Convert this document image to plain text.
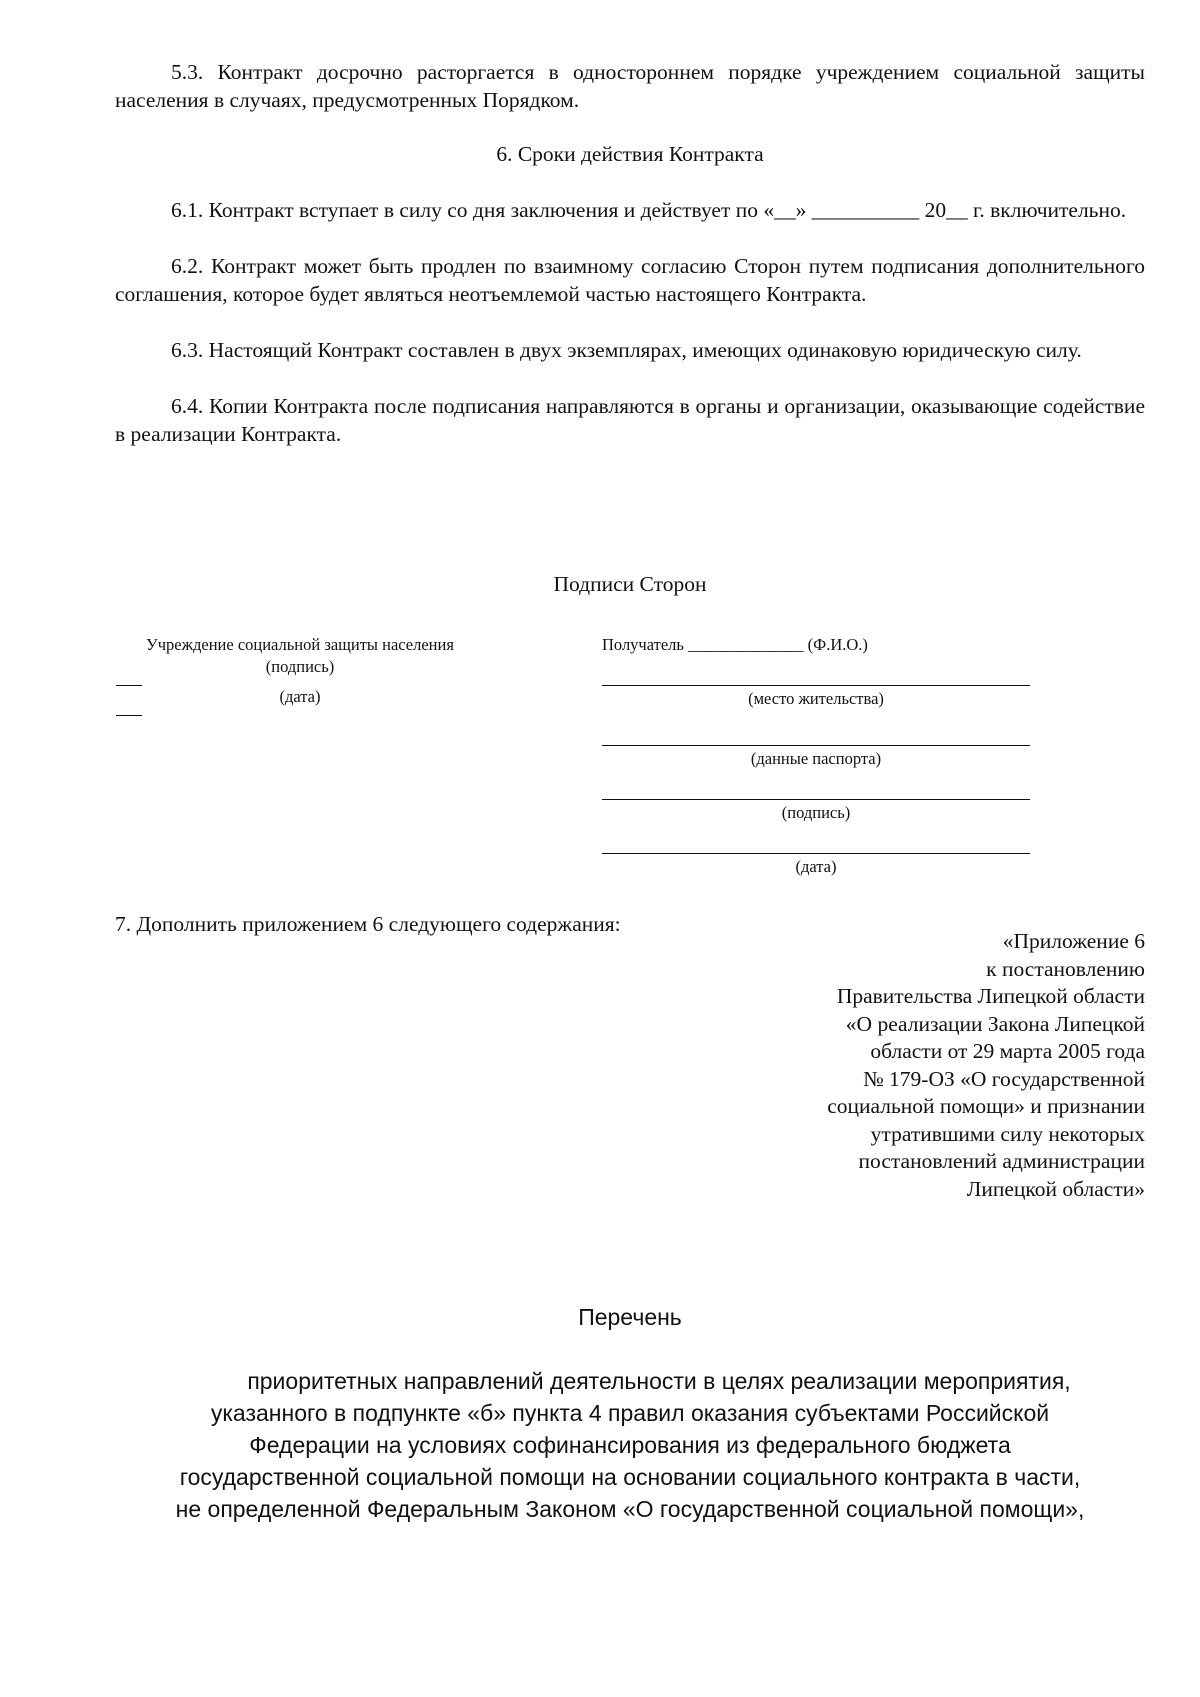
5.3. Контракт досрочно расторгается в одностороннем порядке учреждением социальной защиты населения в случаях, предусмотренных Порядком.
6. Сроки действия Контракта
6.1. Контракт вступает в силу со дня заключения и действует по «__» __________ 20__ г. включительно.
6.2. Контракт может быть продлен по взаимному согласию Сторон путем подписания дополнительного соглашения, которое будет являться неотъемлемой частью настоящего Контракта.
6.3. Настоящий Контракт составлен в двух экземплярах, имеющих одинаковую юридическую силу.
6.4. Копии Контракта после подписания направляются в органы и организации, оказывающие содействие в реализации Контракта.
Подписи Сторон
Учреждение социальной защиты населения
(подпись)
(дата)
Получатель ______________ (Ф.И.О.)
(место жительства)
(данные паспорта)
(подпись)
(дата)
7. Дополнить приложением 6 следующего содержания:
«Приложение 6
к постановлению
Правительства Липецкой области
«О реализации Закона Липецкой
области от 29 марта 2005 года
№ 179-ОЗ «О государственной
социальной помощи» и признании
утратившими силу некоторых
постановлений администрации
Липецкой области»
Перечень
приоритетных направлений деятельности в целях реализации мероприятия,
указанного в подпункте «б» пункта 4 правил оказания субъектами Российской
Федерации на условиях софинансирования из федерального бюджета
государственной социальной помощи на основании социального контракта в части,
не определенной Федеральным Законом «О государственной социальной помощи»,
